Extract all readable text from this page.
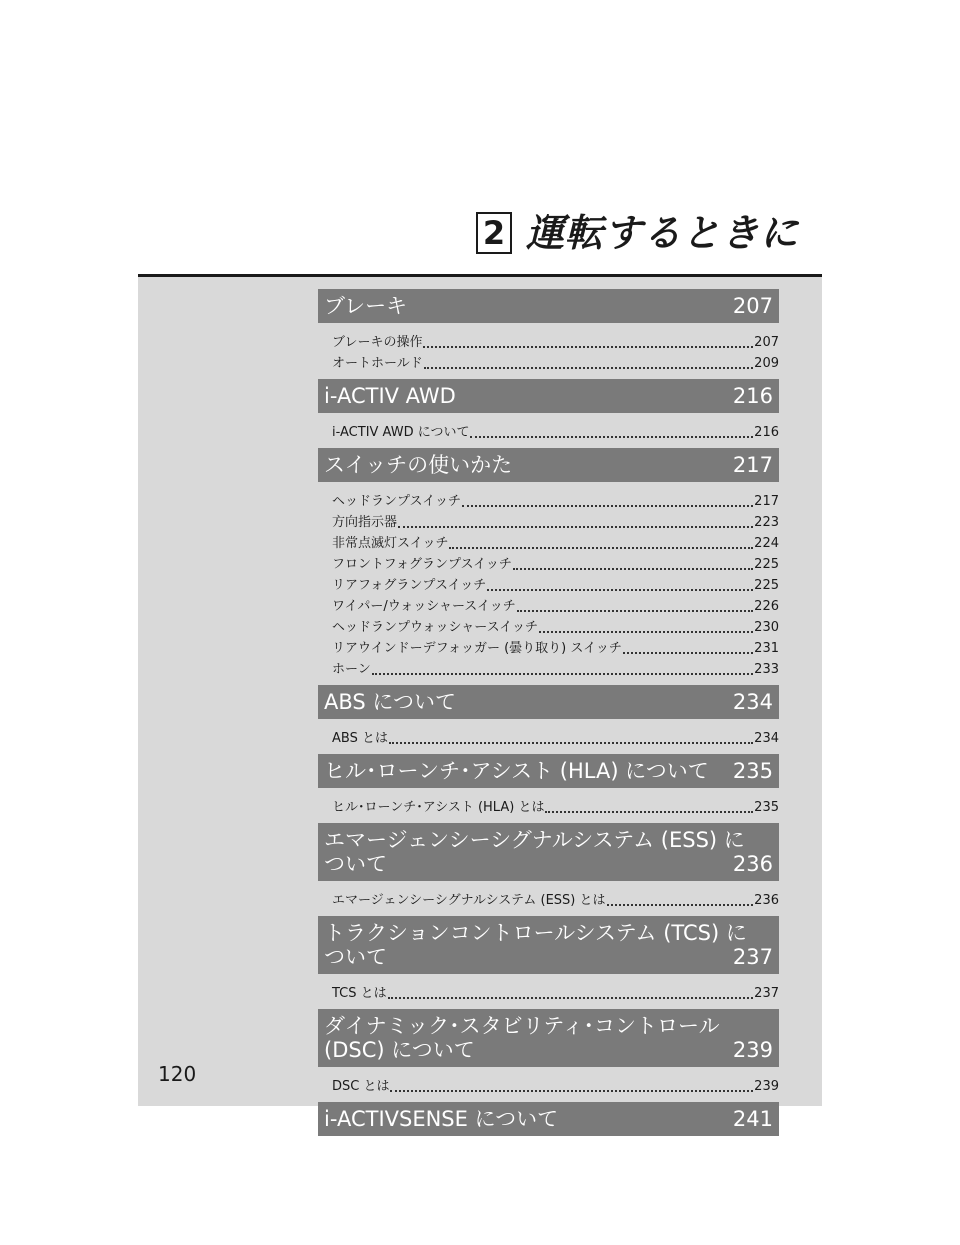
2 運転するときに
ブレーキ	207
ブレーキの操作	207
オートホールド	209
i-ACTIV AWD	216
i-ACTIV AWD について	216
スイッチの使いかた	217
ヘッドランプスイッチ	217
方向指示器	223
非常点滅灯スイッチ	224
フロントフォグランプスイッチ	225
リアフォグランプスイッチ	225
ワイパー/ウォッシャースイッチ	226
ヘッドランプウォッシャースイッチ	230
リアウインドーデフォッガー (曇り取り) スイッチ	231
ホーン	233
ABS について	234
ABS とは	234
ヒル･ローンチ･アシスト (HLA) について 235
ヒル･ローンチ･アシスト (HLA) とは	235
エマージェンシーシグナルシステム (ESS) について	236
エマージェンシーシグナルシステム (ESS) とは	236
トラクションコントロールシステム (TCS) について	237
TCS とは	237
ダイナミック･スタビリティ･コントロール (DSC) について	239
DSC とは	239
i-ACTIVSENSE について	241
120
